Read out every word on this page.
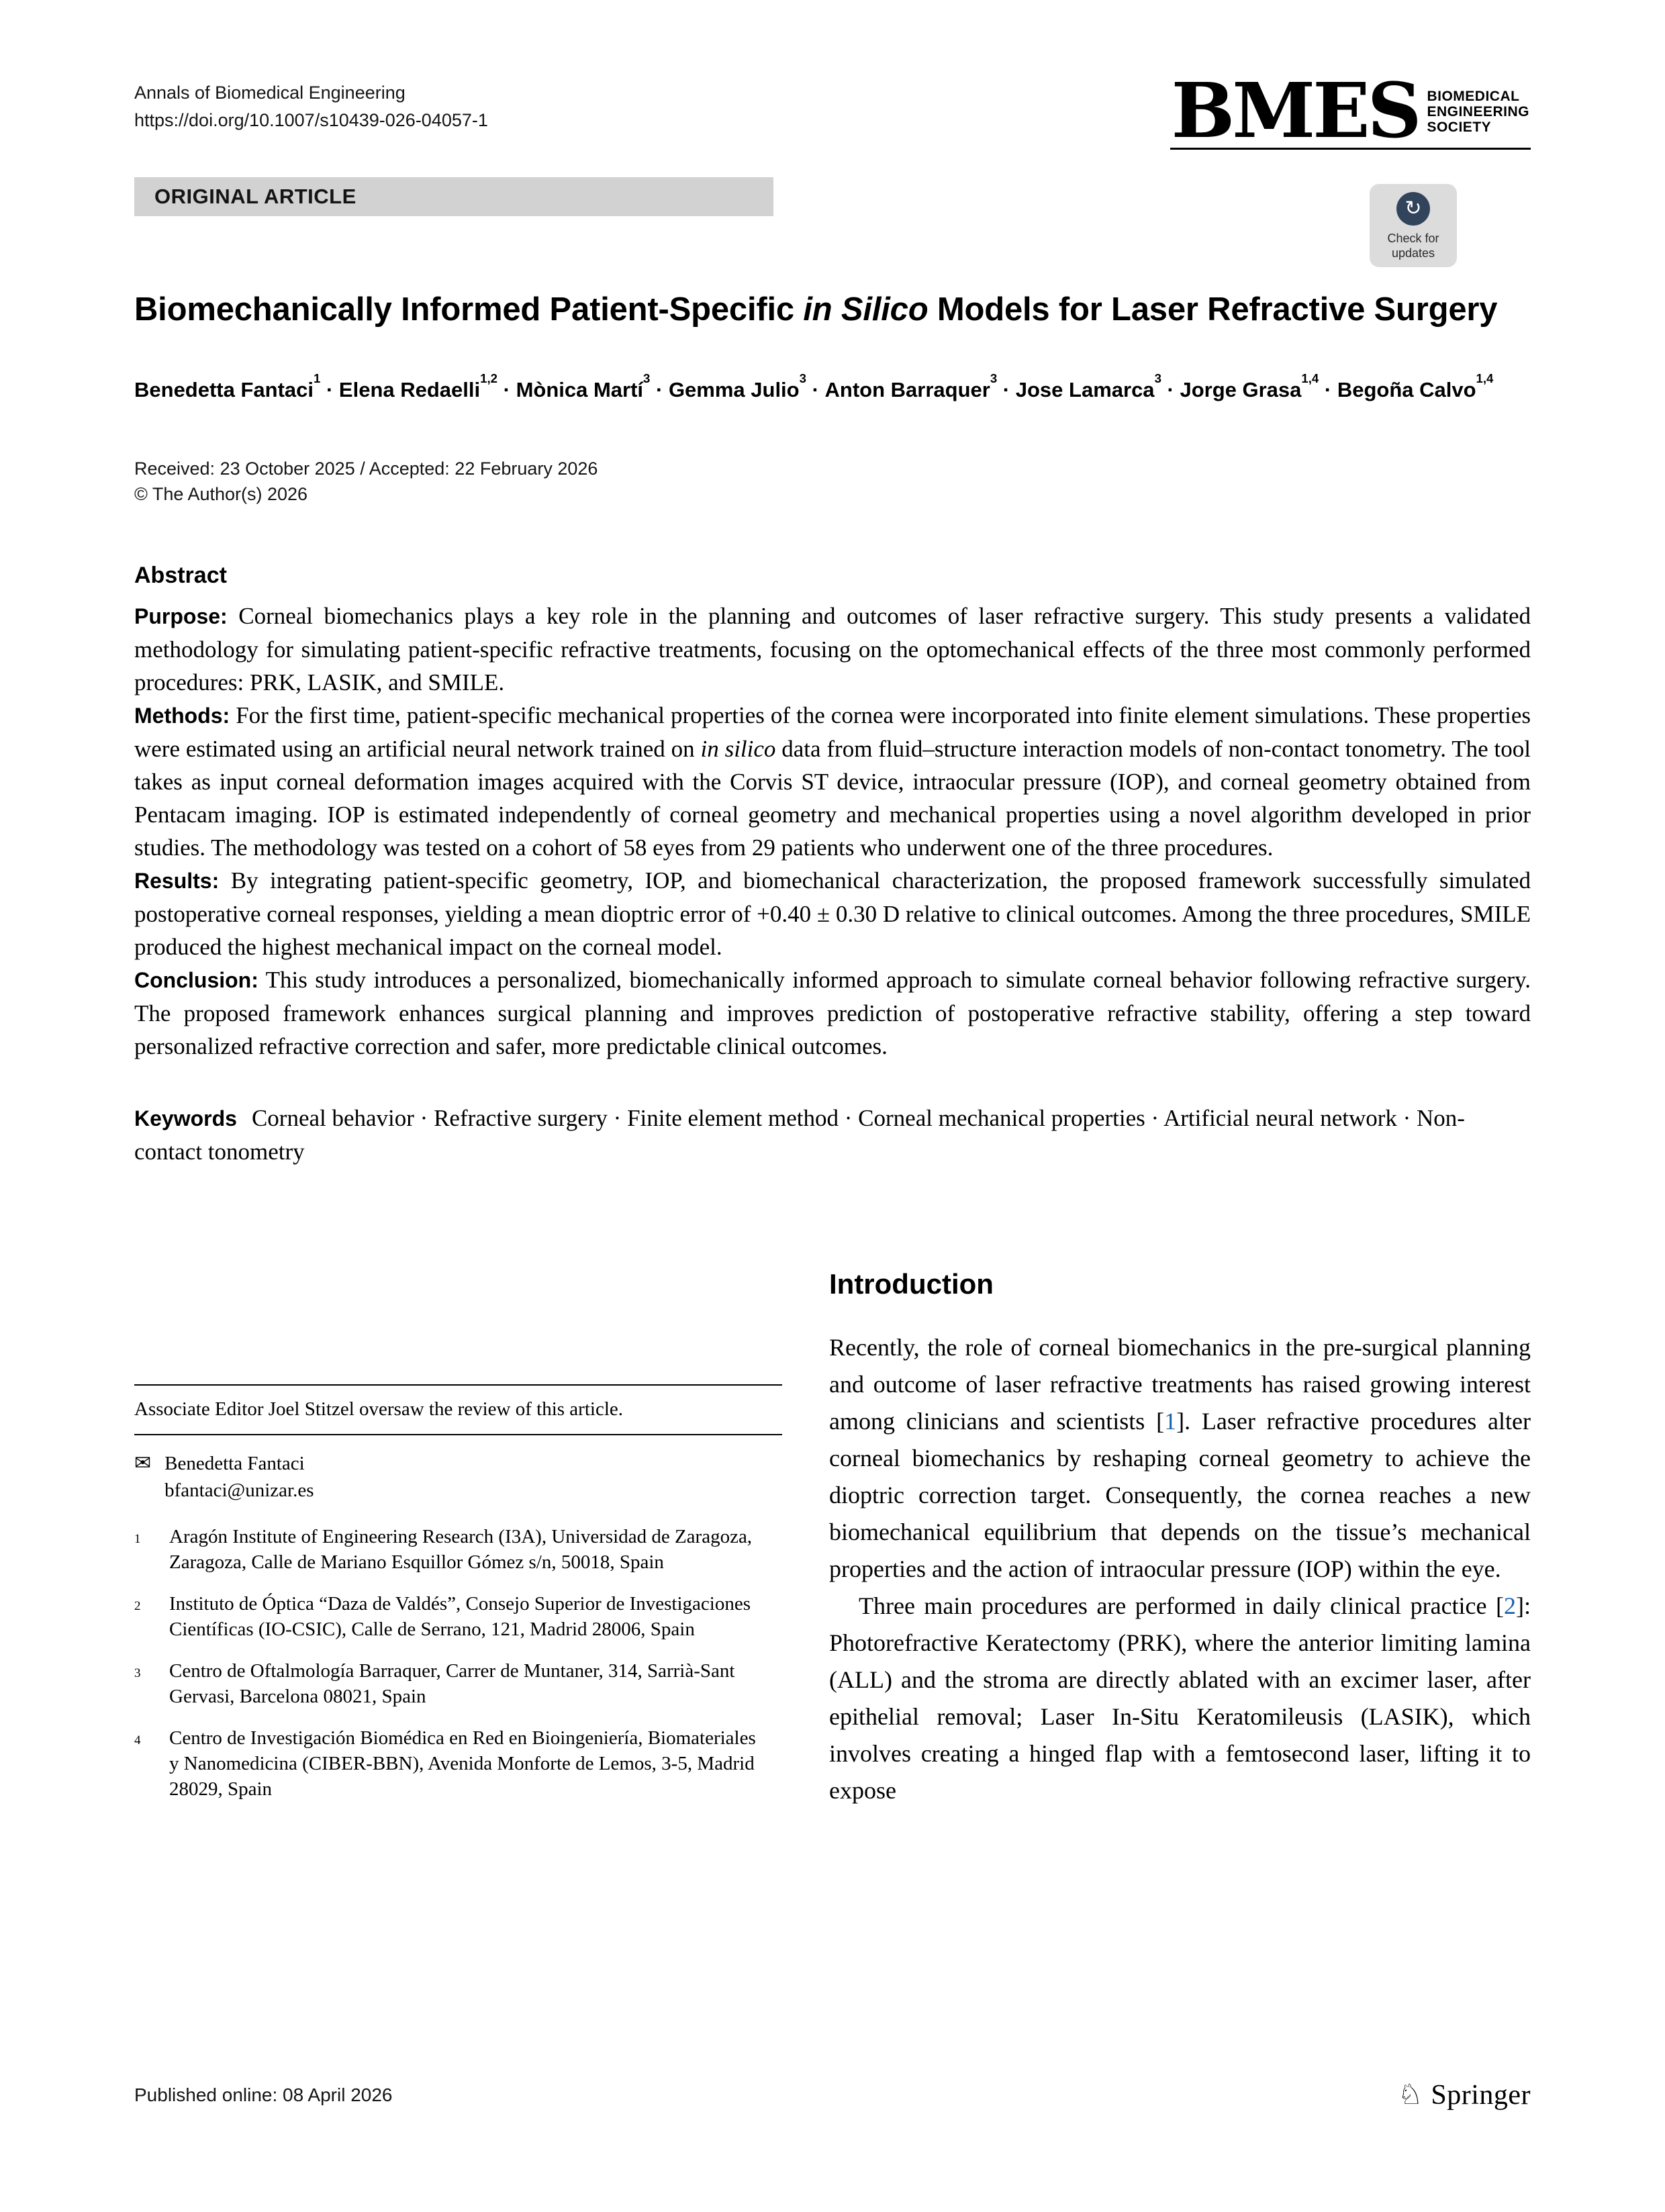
Annals of Biomedical Engineering
https://doi.org/10.1007/s10439-026-04057-1	BMES BIOMEDICAL
ENGINEERING
SOCIETY
ORIGINAL ARTICLE
↻
Check for
updates
Biomechanically Informed Patient-Specific in Silico Models for Laser Refractive Surgery
Benedetta Fantaci$^1$ · Elena Redaelli$^{1,2}$ · Mònica Martí$^3$ · Gemma Julio$^3$ · Anton Barraquer$^3$ · Jose Lamarca$^3$ · Jorge Grasa$^{1,4}$ · Begoña Calvo$^{1,4}$
Received: 23 October 2025 / Accepted: 22 February 2026
© The Author(s) 2026
Abstract

Purpose: Corneal biomechanics plays a key role in the planning and outcomes of laser refractive surgery. This study presents a validated methodology for simulating patient-specific refractive treatments, focusing on the optomechanical effects of the three most commonly performed procedures: PRK, LASIK, and SMILE.

Methods: For the first time, patient-specific mechanical properties of the cornea were incorporated into finite element simulations. These properties were estimated using an artificial neural network trained on in silico data from fluid–structure interaction models of non-contact tonometry. The tool takes as input corneal deformation images acquired with the Corvis ST device, intraocular pressure (IOP), and corneal geometry obtained from Pentacam imaging. IOP is estimated independently of corneal geometry and mechanical properties using a novel algorithm developed in prior studies. The methodology was tested on a cohort of 58 eyes from 29 patients who underwent one of the three procedures.

Results: By integrating patient-specific geometry, IOP, and biomechanical characterization, the proposed framework successfully simulated postoperative corneal responses, yielding a mean dioptric error of +0.40 ± 0.30 D relative to clinical outcomes. Among the three procedures, SMILE produced the highest mechanical impact on the corneal model.

Conclusion: This study introduces a personalized, biomechanically informed approach to simulate corneal behavior following refractive surgery. The proposed framework enhances surgical planning and improves prediction of postoperative refractive stability, offering a step toward personalized refractive correction and safer, more predictable clinical outcomes.

Keywords Corneal behavior · Refractive surgery · Finite element method · Corneal mechanical properties · Artificial neural network · Non-contact tonometry

Associate Editor Joel Stitzel oversaw the review of this article.
✉ Benedetta Fantaci
bfantaci@unizar.es
1	Aragón Institute of Engineering Research (I3A), Universidad de Zaragoza, Zaragoza, Calle de Mariano Esquillor Gómez s/n, 50018, Spain
2	Instituto de Óptica “Daza de Valdés”, Consejo Superior de Investigaciones Científicas (IO-CSIC), Calle de Serrano, 121, Madrid 28006, Spain
3	Centro de Oftalmología Barraquer, Carrer de Muntaner, 314, Sarrià-Sant Gervasi, Barcelona 08021, Spain
4	Centro de Investigación Biomédica en Red en Bioingeniería, Biomateriales y Nanomedicina (CIBER-BBN), Avenida Monforte de Lemos, 3-5, Madrid 28029, Spain
Introduction

Recently, the role of corneal biomechanics in the pre-surgical planning and outcome of laser refractive treatments has raised growing interest among clinicians and scientists [1]. Laser refractive procedures alter corneal biomechanics by reshaping corneal geometry to achieve the dioptric correction target. Consequently, the cornea reaches a new biomechanical equilibrium that depends on the tissue’s mechanical properties and the action of intraocular pressure (IOP) within the eye.

Three main procedures are performed in daily clinical practice [2]: Photorefractive Keratectomy (PRK), where the anterior limiting lamina (ALL) and the stroma are directly ablated with an excimer laser, after epithelial removal; Laser In-Situ Keratomileusis (LASIK), which involves creating a hinged flap with a femtosecond laser, lifting it to expose

Published online: 08 April 2026	♘ Springer
